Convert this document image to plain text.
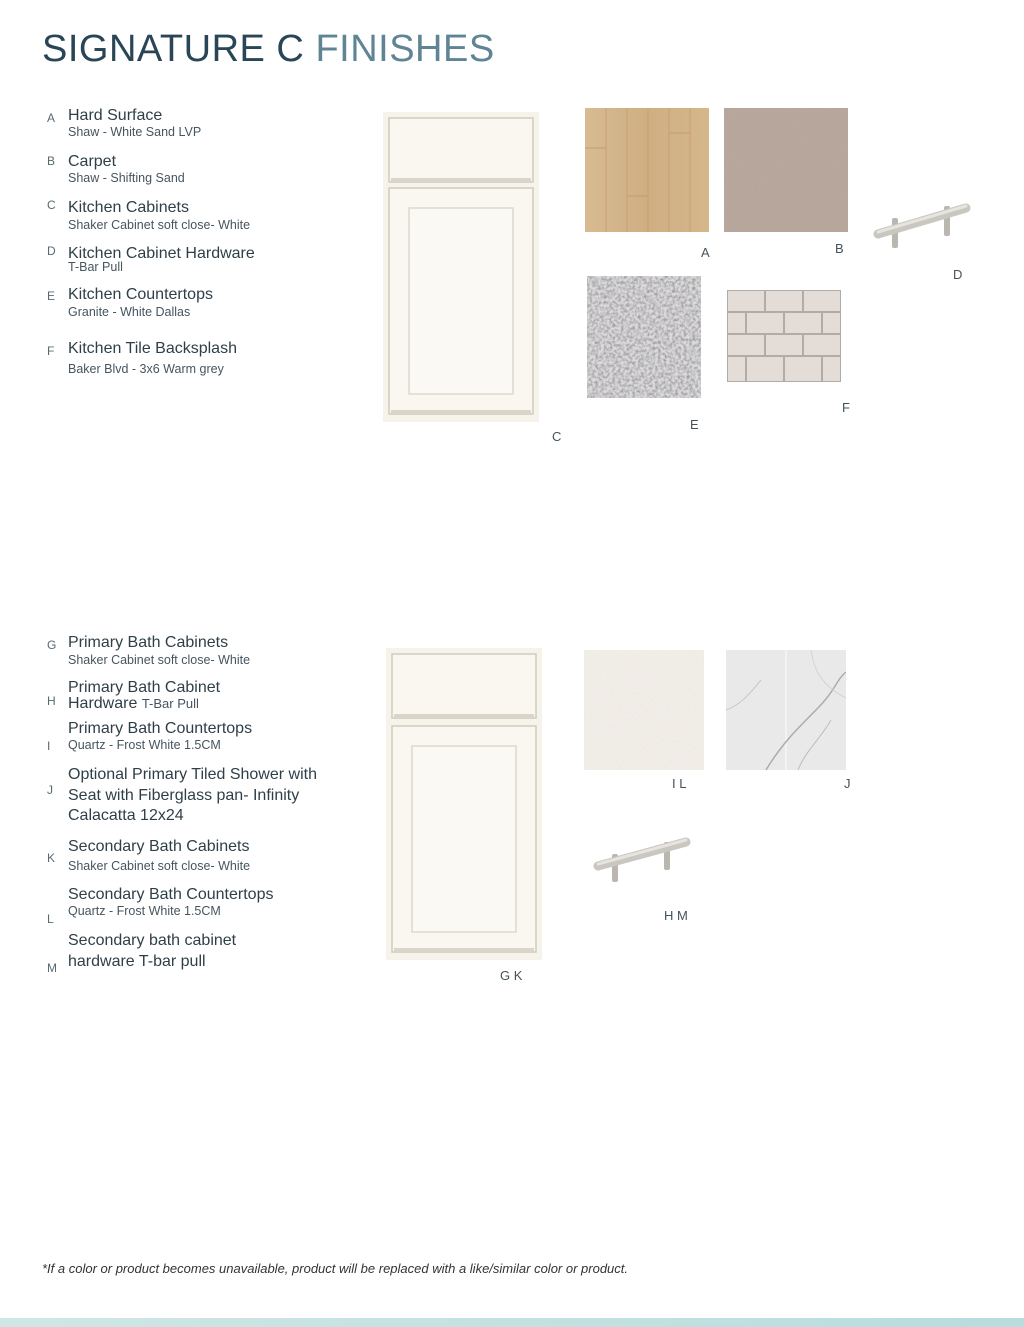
SIGNATURE C FINISHES
A Hard Surface
Shaw - White Sand LVP
B Carpet
Shaw - Shifting Sand
C Kitchen Cabinets
Shaker Cabinet soft close- White
D Kitchen Cabinet Hardware
T-Bar Pull
E Kitchen Countertops
Granite - White Dallas
F Kitchen Tile Backsplash
Baker Blvd - 3x6 Warm grey
C
A	B
D
E
F
G Primary Bath Cabinets
Shaker Cabinet soft close- White
H
Primary Bath Cabinet
Hardware T-Bar Pull
I
Primary Bath Countertops
Quartz - Frost White 1.5CM
J
Optional Primary Tiled Shower with Seat with Fiberglass pan- Infinity Calacatta 12x24
K
Secondary Bath Cabinets
Shaker Cabinet soft close- White
L
Secondary Bath Countertops
Quartz - Frost White 1.5CM
M
Secondary bath cabinet hardware T-bar pull
G K
I L	J
H M
*If a color or product becomes unavailable, product will be replaced with a like/similar color or product.
